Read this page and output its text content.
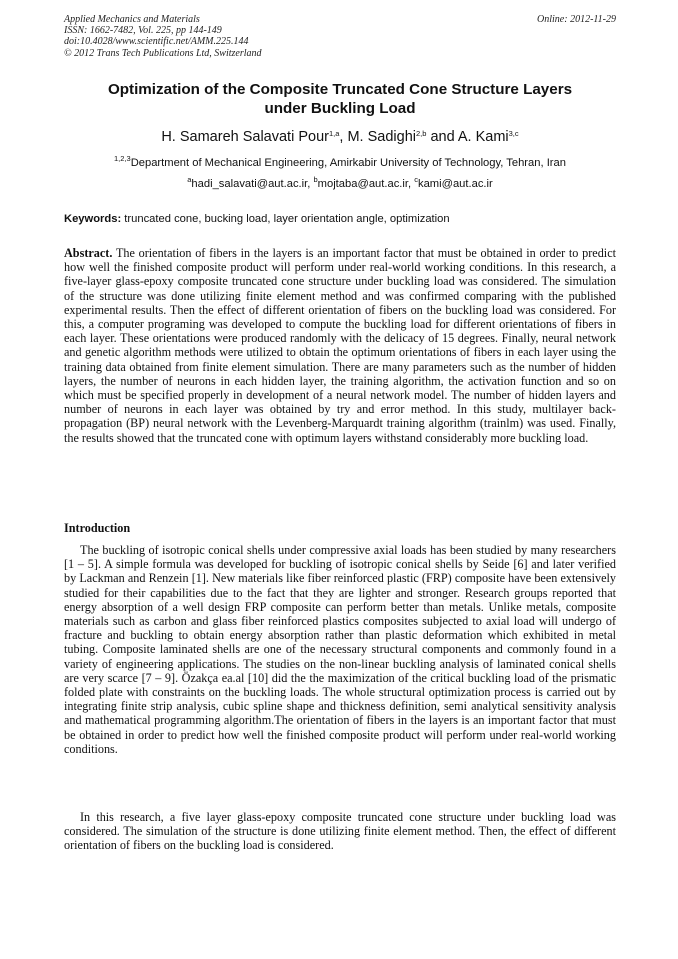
Applied Mechanics and Materials
ISSN: 1662-7482, Vol. 225, pp 144-149
doi:10.4028/www.scientific.net/AMM.225.144
© 2012 Trans Tech Publications Ltd, Switzerland
Online: 2012-11-29
Optimization of the Composite Truncated Cone Structure Layers
under Buckling Load
H. Samareh Salavati Pour$^{1,a}$, M. Sadighi$^{2,b}$ and A. Kami$^{3,c}$
$^{1,2,3}$Department of Mechanical Engineering, Amirkabir University of Technology, Tehran, Iran
$^a$hadi_salavati@aut.ac.ir, $^b$mojtaba@aut.ac.ir, $^c$kami@aut.ac.ir
Keywords: truncated cone, bucking load, layer orientation angle, optimization
Abstract. The orientation of fibers in the layers is an important factor that must be obtained in order to predict how well the finished composite product will perform under real-world working conditions. In this research, a five-layer glass-epoxy composite truncated cone structure under buckling load was considered. The simulation of the structure was done utilizing finite element method and was confirmed comparing with the published experimental results. Then the effect of different orientation of fibers on the buckling load was considered. For this, a computer programing was developed to compute the buckling load for different orientations of fibers in each layer. These orientations were produced randomly with the delicacy of 15 degrees. Finally, neural network and genetic algorithm methods were utilized to obtain the optimum orientations of fibers in each layer using the training data obtained from finite element simulation. There are many parameters such as the number of hidden layers, the number of neurons in each hidden layer, the training algorithm, the activation function and so on which must be specified properly in development of a neural network model. The number of hidden layers and number of neurons in each layer was obtained by try and error method. In this study, multilayer back-propagation (BP) neural network with the Levenberg-Marquardt training algorithm (trainlm) was used. Finally, the results showed that the truncated cone with optimum layers withstand considerably more buckling load.
Introduction
The buckling of isotropic conical shells under compressive axial loads has been studied by many researchers [1 – 5]. A simple formula was developed for buckling of isotropic conical shells by Seide [6] and later verified by Lackman and Renzein [1]. New materials like fiber reinforced plastic (FRP) composite have been extensively studied for their capabilities due to the fact that they are lighter and stronger. Research groups reported that energy absorption of a well design FRP composite can perform better than metals. Unlike metals, composite materials such as carbon and glass fiber reinforced plastics composites subjected to axial load will undergo of fracture and buckling to obtain energy absorption rather than plastic deformation which exhibited in metal tubing. Composite laminated shells are one of the necessary structural components and commonly found in a variety of engineering applications. The studies on the non-linear buckling analysis of laminated conical shells are very scarce [7 – 9]. Özakça ea.al [10] did the the maximization of the critical buckling load of the prismatic folded plate with constraints on the buckling loads. The whole structural optimization process is carried out by integrating finite strip analysis, cubic spline shape and thickness definition, semi analytical sensitivity analysis and mathematical programming algorithm.The orientation of fibers in the layers is an important factor that must be obtained in order to predict how well the finished composite product will perform under real-world working conditions.
In this research, a five layer glass-epoxy composite truncated cone structure under buckling load was considered. The simulation of the structure is done utilizing finite element method. Then, the effect of different orientation of fibers on the buckling load is considered.
